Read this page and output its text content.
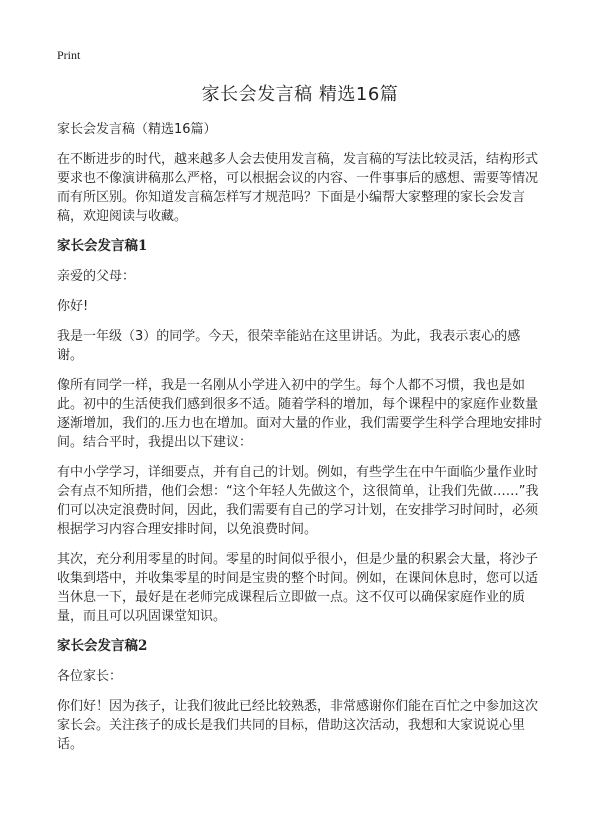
Print
家长会发言稿 精选16篇

家长会发言稿（精选16篇）

在不断进步的时代，越来越多人会去使用发言稿，发言稿的写法比较灵活，结构形式要求也不像演讲稿那么严格，可以根据会议的内容、一件事事后的感想、需要等情况而有所区别。你知道发言稿怎样写才规范吗？下面是小编帮大家整理的家长会发言稿，欢迎阅读与收藏。

家长会发言稿1

亲爱的父母：

你好!

我是一年级（3）的同学。今天，很荣幸能站在这里讲话。为此，我表示衷心的感谢。

像所有同学一样，我是一名刚从小学进入初中的学生。每个人都不习惯，我也是如此。初中的生活使我们感到很多不适。随着学科的增加，每个课程中的家庭作业数量逐渐增加，我们的.压力也在增加。面对大量的作业，我们需要学生科学合理地安排时间。结合平时，我提出以下建议：

有中小学学习，详细要点，并有自己的计划。例如，有些学生在中午面临少量作业时会有点不知所措，他们会想：“这个年轻人先做这个，这很简单，让我们先做……”我们可以决定浪费时间，因此，我们需要有自己的学习计划，在安排学习时间时，必须根据学习内容合理安排时间，以免浪费时间。

其次，充分利用零星的时间。零星的时间似乎很小，但是少量的积累会大量，将沙子收集到塔中，并收集零星的时间是宝贵的整个时间。例如，在课间休息时，您可以适当休息一下，最好是在老师完成课程后立即做一点。这不仅可以确保家庭作业的质量，而且可以巩固课堂知识。

家长会发言稿2

各位家长：

你们好！因为孩子，让我们彼此已经比较熟悉，非常感谢你们能在百忙之中参加这次家长会。关注孩子的成长是我们共同的目标，借助这次活动，我想和大家说说心里话。
